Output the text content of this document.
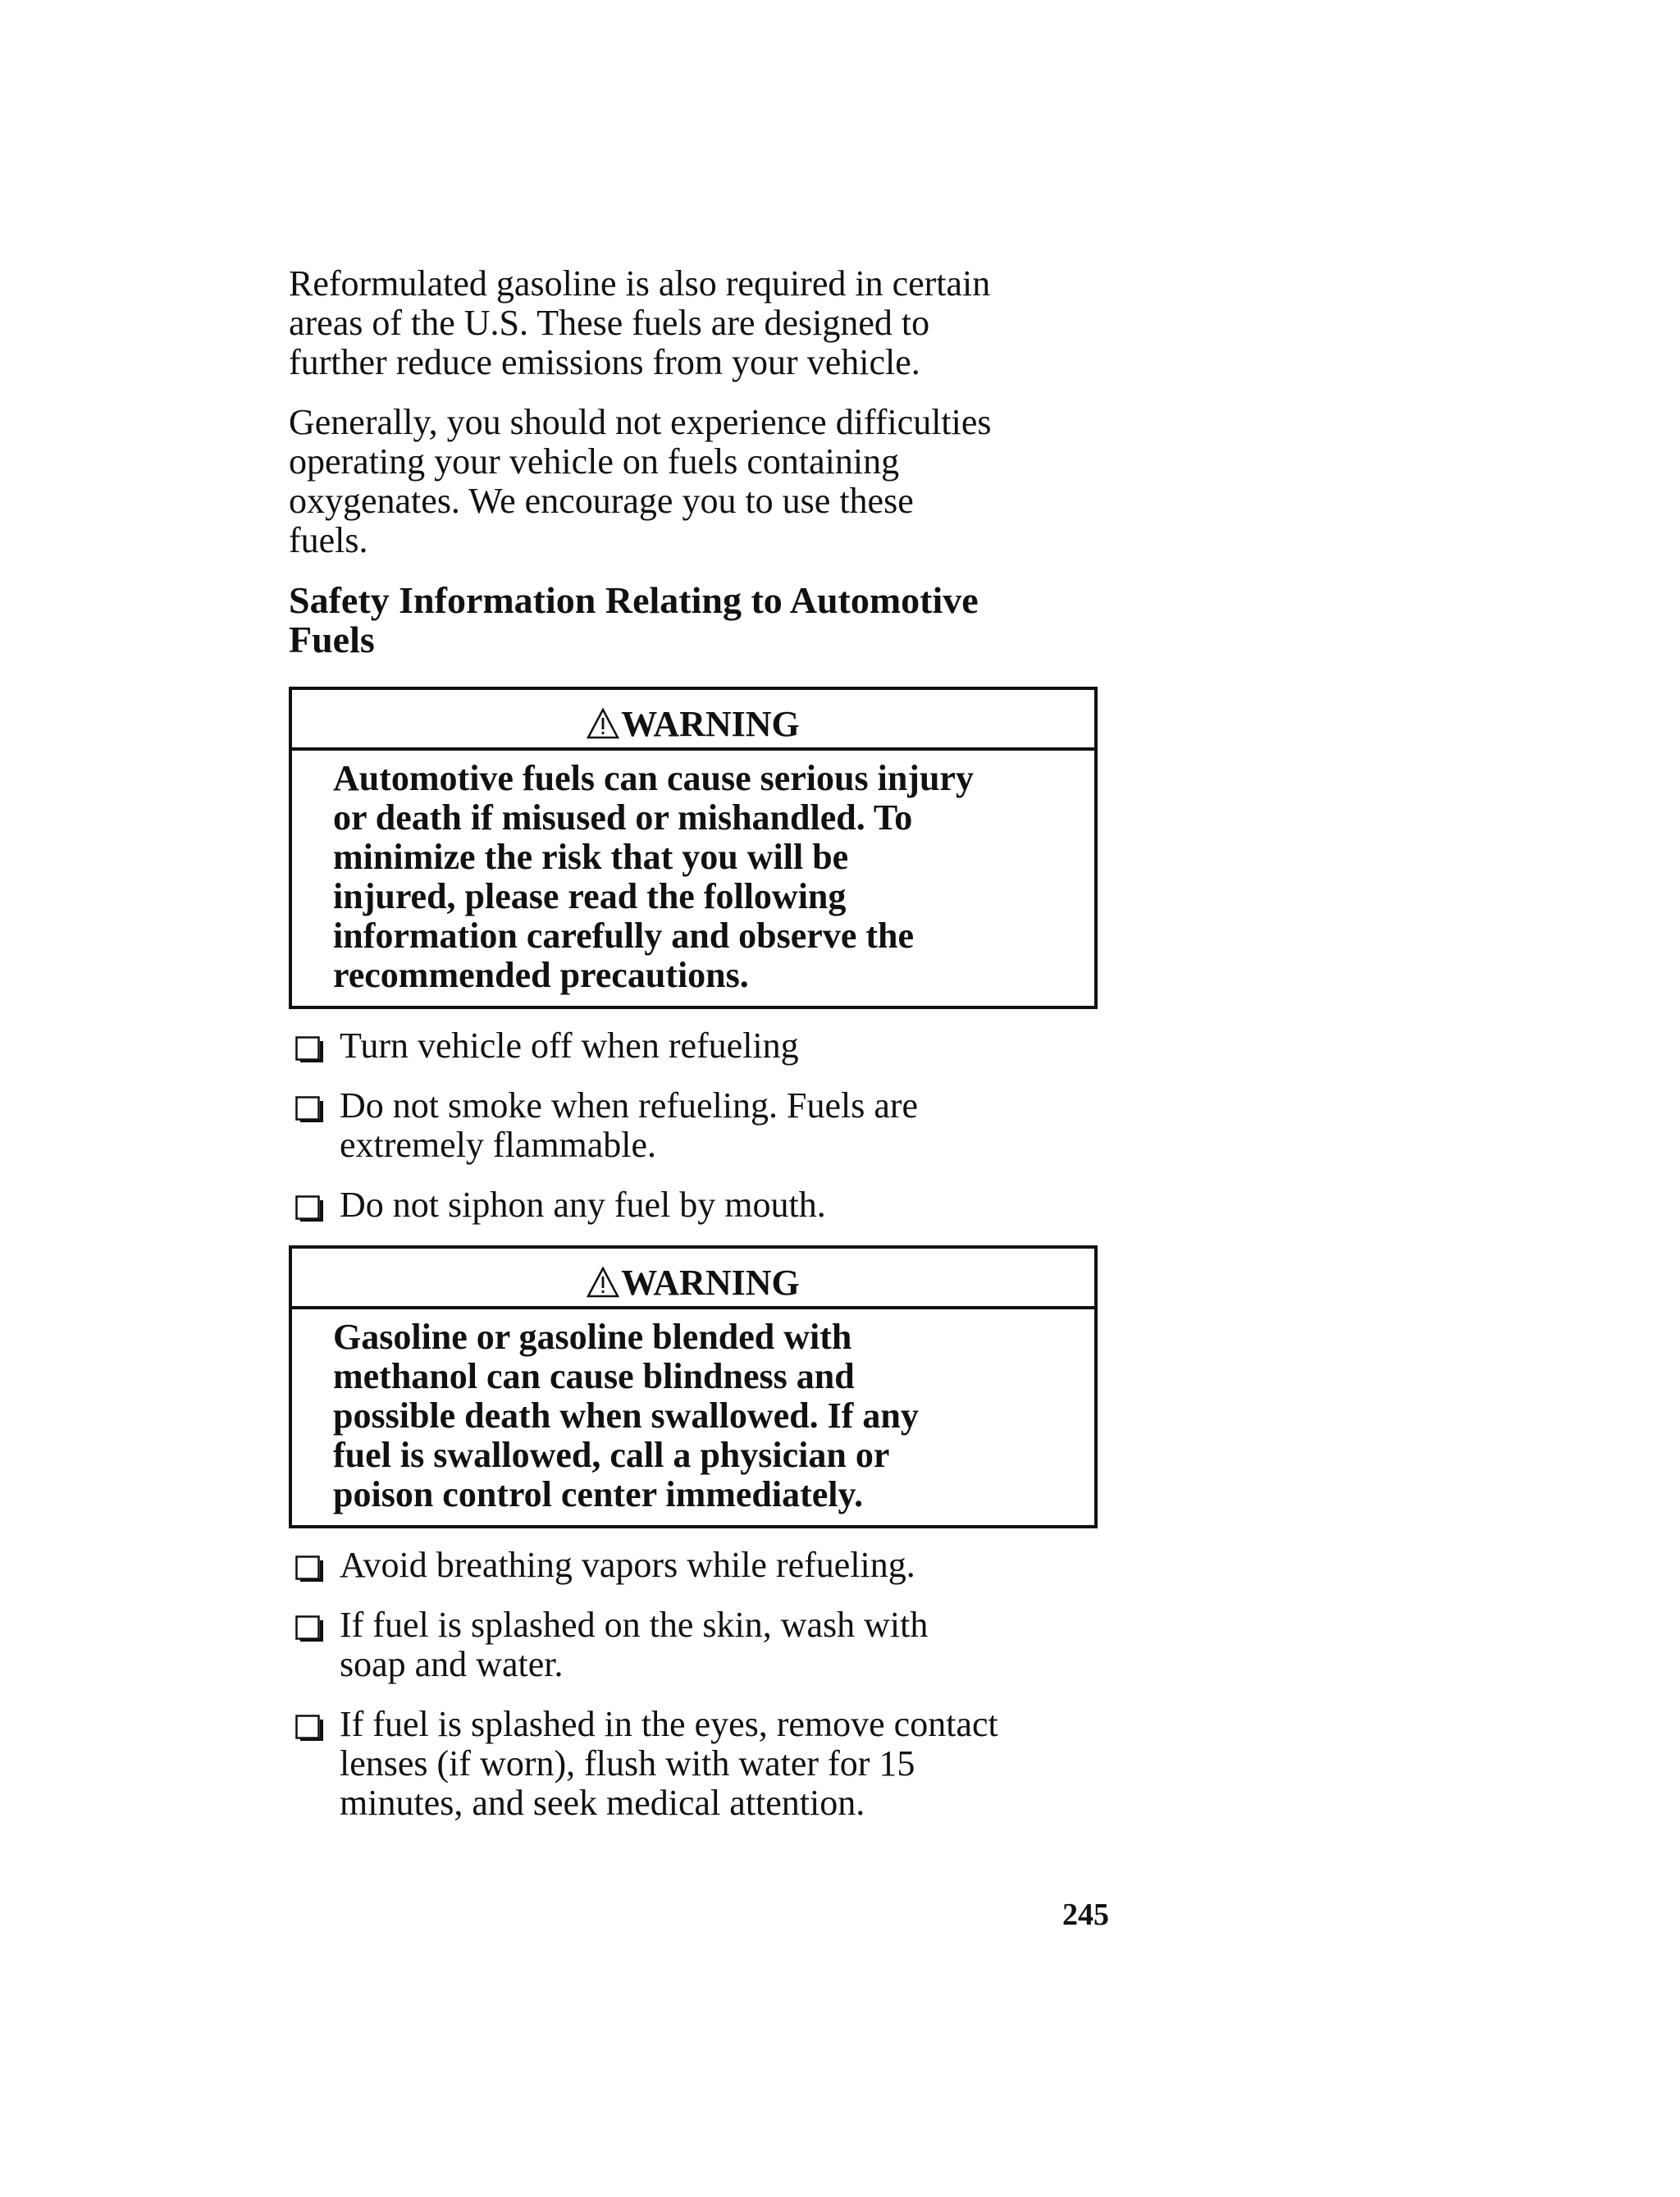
Reformulated gasoline is also required in certain
areas of the U.S. These fuels are designed to
further reduce emissions from your vehicle.

Generally, you should not experience difficulties
operating your vehicle on fuels containing
oxygenates. We encourage you to use these
fuels.

Safety Information Relating to Automotive
Fuels
WARNING
Automotive fuels can cause serious injury
or death if misused or mishandled. To
minimize the risk that you will be
injured, please read the following
information carefully and observe the
recommended precautions.
Turn vehicle off when refueling
Do not smoke when refueling. Fuels are
extremely flammable.
Do not siphon any fuel by mouth.
WARNING
Gasoline or gasoline blended with
methanol can cause blindness and
possible death when swallowed. If any
fuel is swallowed, call a physician or
poison control center immediately.
Avoid breathing vapors while refueling.
If fuel is splashed on the skin, wash with
soap and water.
If fuel is splashed in the eyes, remove contact
lenses (if worn), flush with water for 15
minutes, and seek medical attention.
245
